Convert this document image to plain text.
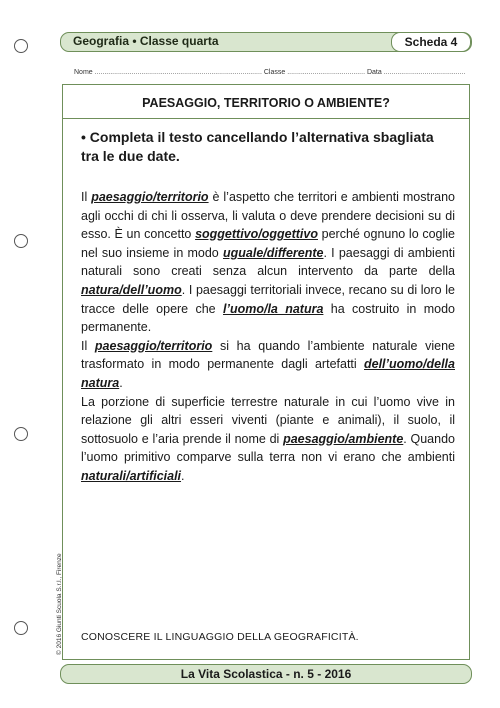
Geografia • Classe quarta	Scheda 4
Nome ...................................................................................... Classe ........................................ Data ..........................................
PAESAGGIO, TERRITORIO O AMBIENTE?
• Completa il testo cancellando l’alternativa sbagliata tra le due date.

Il paesaggio/territorio è l’aspetto che territori e ambienti mostrano agli occhi di chi li osserva, li valuta o deve prendere decisioni su di esso. È un concetto soggettivo/oggettivo perché ognuno lo coglie nel suo insieme in modo uguale/differente. I paesaggi di ambienti naturali sono creati senza alcun intervento da parte della natura/dell’uomo. I paesaggi territoriali invece, recano su di loro le tracce delle opere che l’uomo/la natura ha costruito in modo permanente.

Il paesaggio/territorio si ha quando l’ambiente naturale viene trasformato in modo permanente dagli artefatti dell’uomo/della natura.

La porzione di superficie terrestre naturale in cui l’uomo vive in relazione gli altri esseri viventi (piante e animali), il suolo, il sottosuolo e l’aria prende il nome di paesaggio/ambiente. Quando l’uomo primitivo comparve sulla terra non vi erano che ambienti naturali/artificiali.

CONOSCERE IL LINGUAGGIO DELLA GEOGRAFICITÀ.
© 2016 Giunti Scuola S.r.l., Firenze
La Vita Scolastica - n. 5 - 2016
